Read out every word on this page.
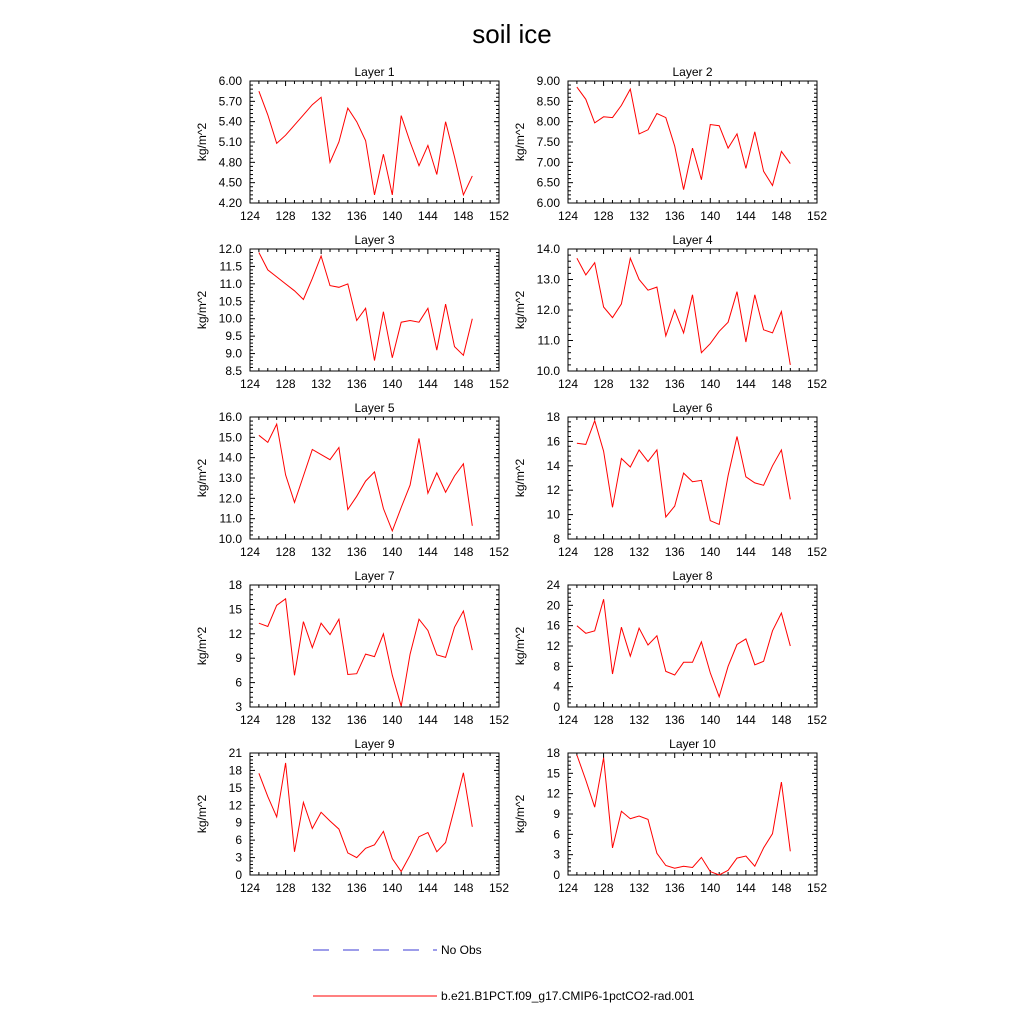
soil ice
Layer 1
kg/m^2
124 128 132 136 140 144 148 152
4.20
4.50
4.80
5.10
5.40
5.70
6.00
Layer 2
kg/m^2
124 128 132 136 140 144 148 152
6.00
6.50
7.00
7.50
8.00
8.50
9.00
Layer 3
kg/m^2
124 128 132 136 140 144 148 152
8.5
9.0
9.5
10.0
10.5
11.0
11.5
12.0
Layer 4
kg/m^2
124 128 132 136 140 144 148 152
10.0
11.0
12.0
13.0
14.0
Layer 5
kg/m^2
124 128 132 136 140 144 148 152
10.0
11.0
12.0
13.0
14.0
15.0
16.0
Layer 6
kg/m^2
124 128 132 136 140 144 148 152
8
10
12
14
16
18
Layer 7
kg/m^2
124 128 132 136 140 144 148 152
3
6
9
12
15
18
Layer 8
kg/m^2
124 128 132 136 140 144 148 152
0
4
8
12
16
20
24
Layer 9
kg/m^2
124 128 132 136 140 144 148 152
0
3
6
9
12
15
18
21
Layer 10
kg/m^2
124 128 132 136 140 144 148 152
0
3
6
9
12
15
18
No Obs
b.e21.B1PCT.f09_g17.CMIP6-1pctCO2-rad.001
